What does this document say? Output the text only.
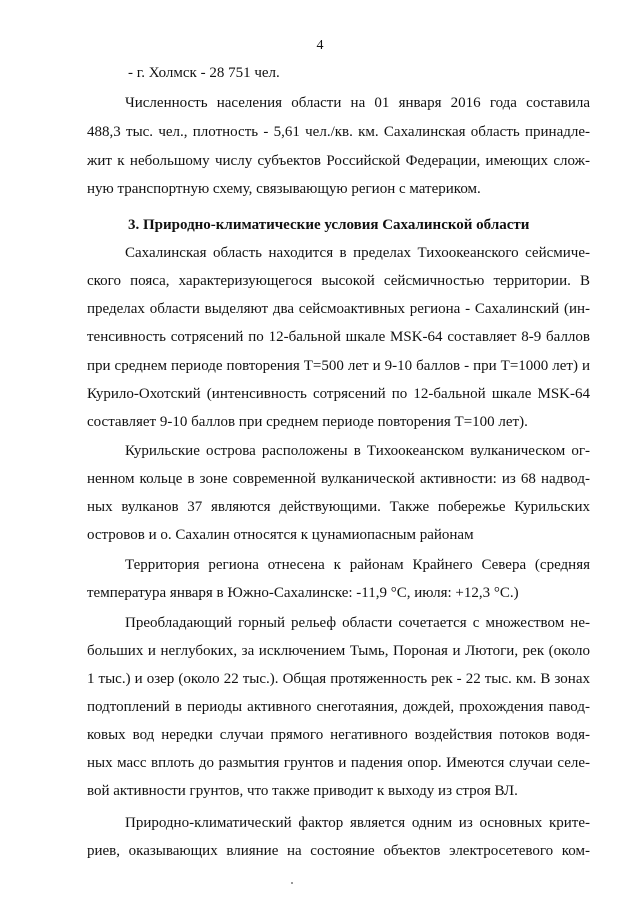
4
- г. Холмск - 28 751 чел.
Численность населения области на 01 января 2016 года составила
488,3 тыс. чел., плотность - 5,61 чел./кв. км. Сахалинская область принадле-
жит к небольшому числу субъектов Российской Федерации, имеющих слож-
ную транспортную схему, связывающую регион с материком.
3. Природно-климатические условия Сахалинской области
Сахалинская область находится в пределах Тихоокеанского сейсмиче-
ского пояса, характеризующегося высокой сейсмичностью территории. В
пределах области выделяют два сейсмоактивных региона - Сахалинский (ин-
тенсивность сотрясений по 12-бальной шкале MSK-64 составляет 8-9 баллов
при среднем периоде повторения Т=500 лет и 9-10 баллов - при Т=1000 лет) и
Курило-Охотский (интенсивность сотрясений по 12-бальной шкале MSK-64
составляет 9-10 баллов при среднем периоде повторения Т=100 лет).
Курильские острова расположены в Тихоокеанском вулканическом ог-
ненном кольце в зоне современной вулканической активности: из 68 надвод-
ных вулканов 37 являются действующими. Также побережье Курильских
островов и о. Сахалин относятся к цунамиопасным районам
Территория региона отнесена к районам Крайнего Севера (средняя
температура января в Южно-Сахалинске: -11,9 °С, июля: +12,3 °С.)
Преобладающий горный рельеф области сочетается с множеством не-
больших и неглубоких, за исключением Тымь, Пороная и Лютоги, рек (около
1 тыс.) и озер (около 22 тыс.). Общая протяженность рек - 22 тыс. км. В зонах
подтоплений в периоды активного снеготаяния, дождей, прохождения павод-
ковых вод нередки случаи прямого негативного воздействия потоков водя-
ных масс вплоть до размытия грунтов и падения опор. Имеются случаи селе-
вой активности грунтов, что также приводит к выходу из строя ВЛ.
Природно-климатический фактор является одним из основных крите-
риев, оказывающих влияние на состояние объектов электросетевого ком-
